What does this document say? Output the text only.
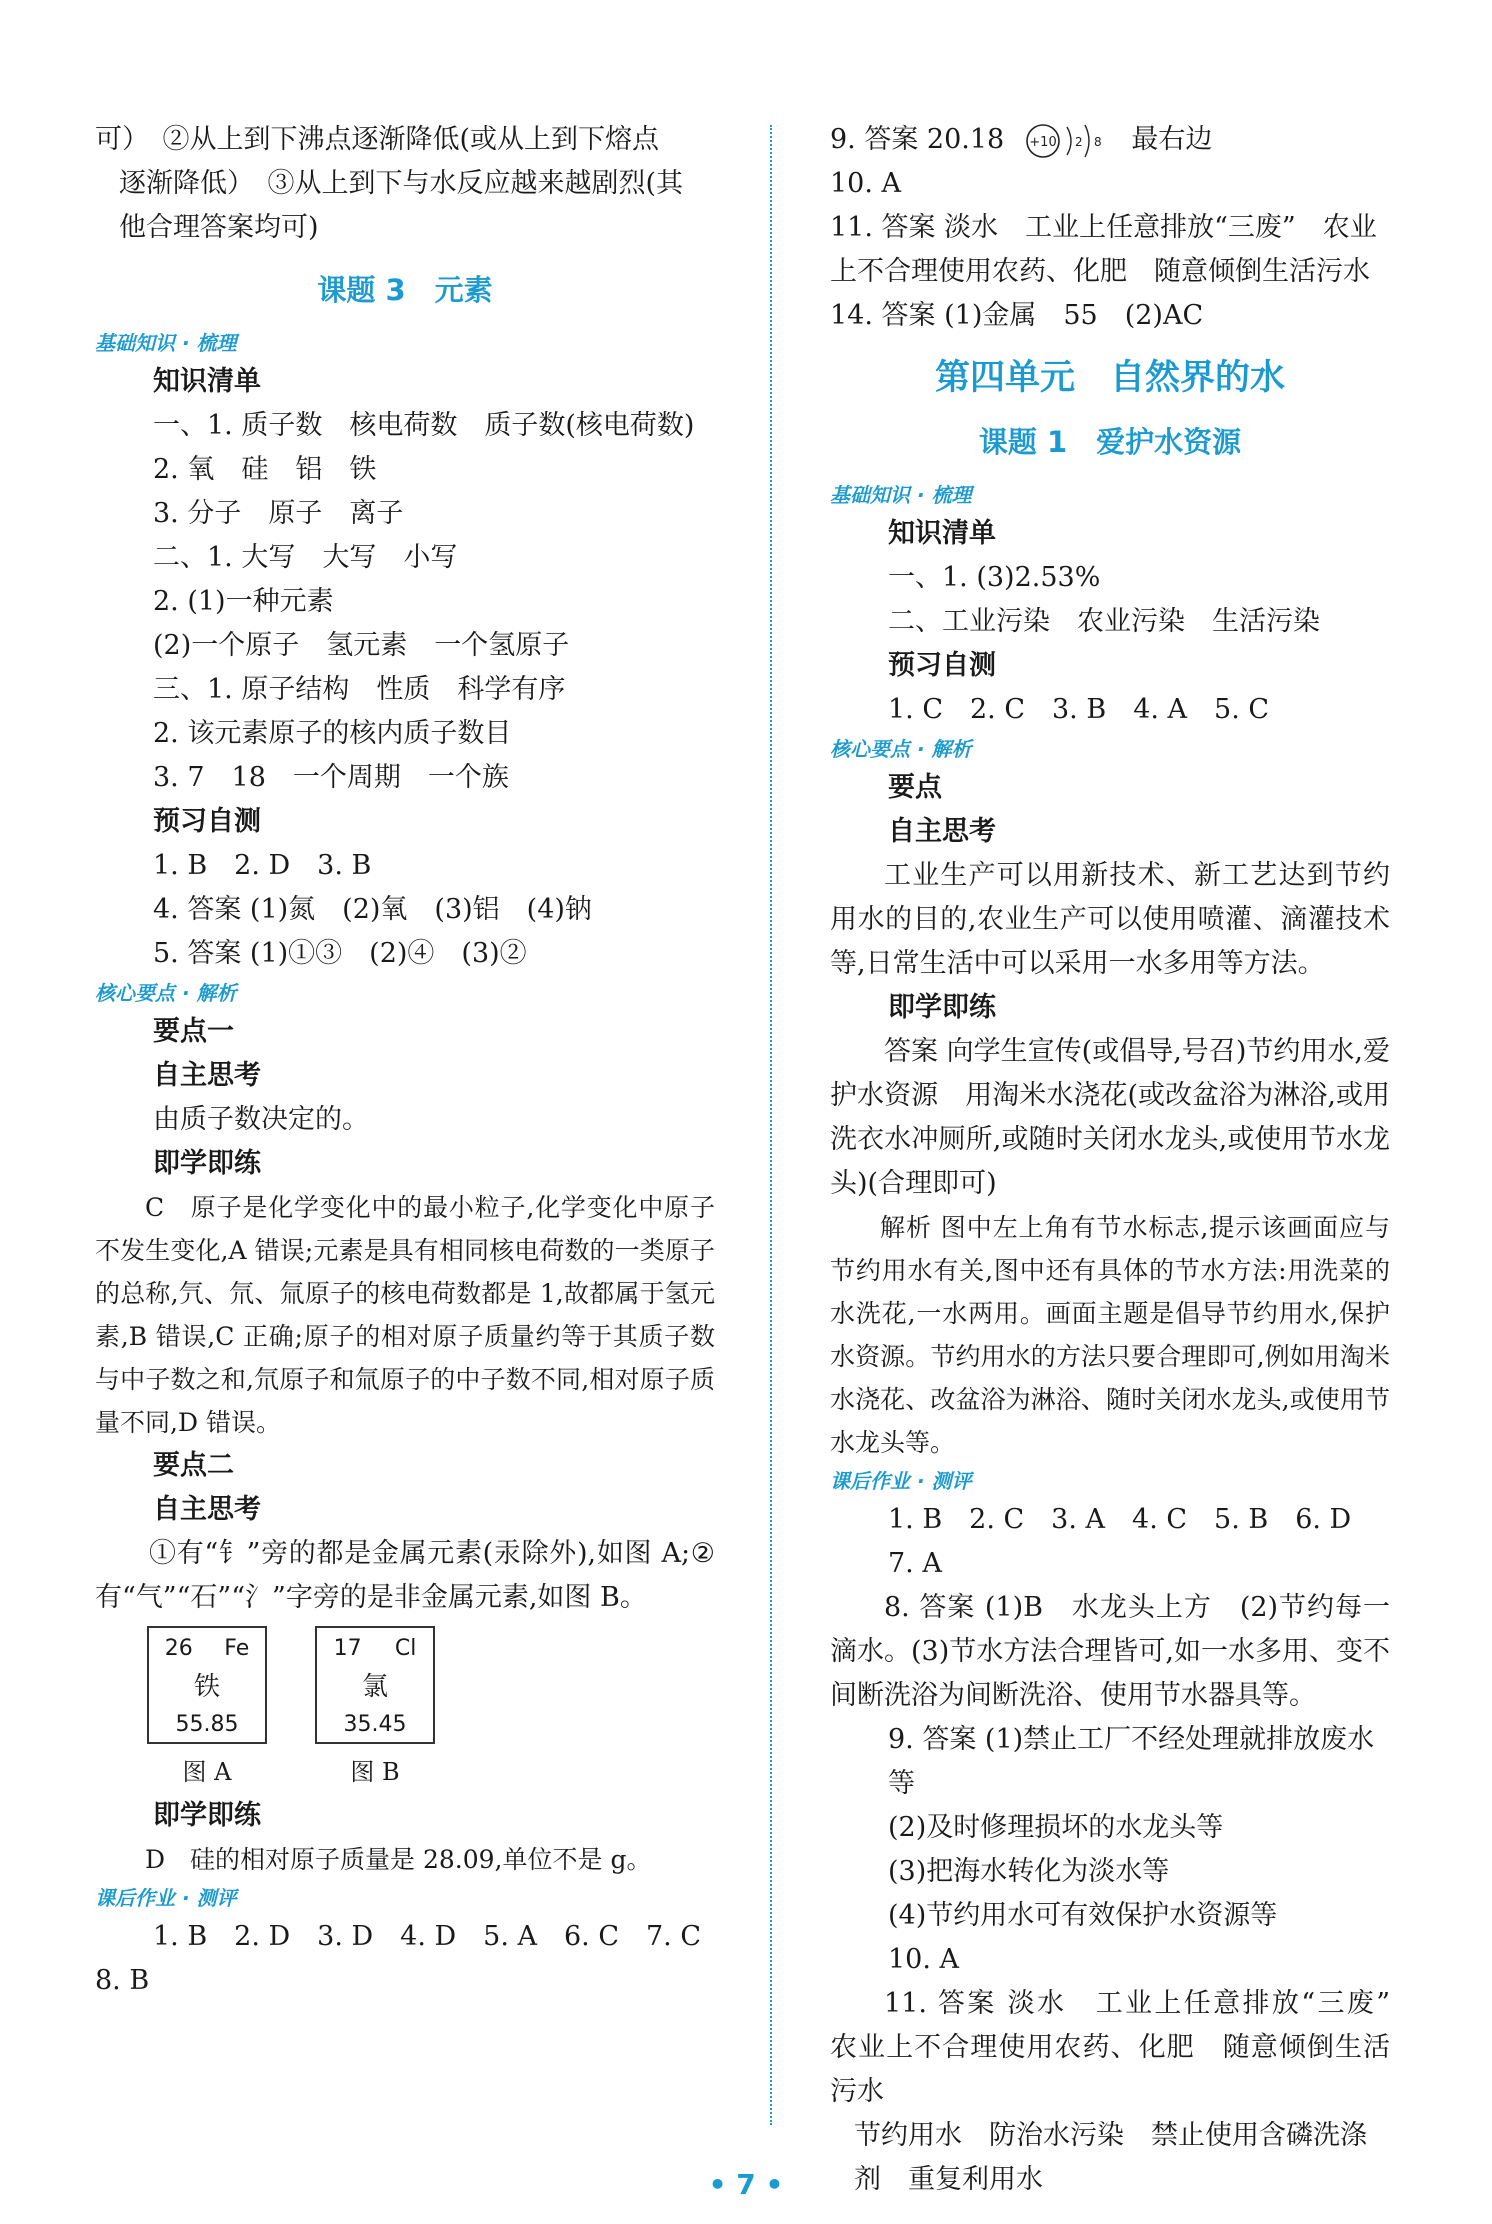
可）　②从上到下沸点逐渐降低(或从上到下熔点
逐渐降低）　③从上到下与水反应越来越剧烈(其
他合理答案均可)
课题 3　元素
基础知识 · 梳理
知识清单
一、1. 质子数　核电荷数　质子数(核电荷数)
2. 氧　硅　铝　铁
3. 分子　原子　离子
二、1. 大写　大写　小写
2. (1)一种元素
(2)一个原子　氢元素　一个氢原子
三、1. 原子结构　性质　科学有序
2. 该元素原子的核内质子数目
3. 7　18　一个周期　一个族
预习自测
1. B　2. D　3. B
4. 答案 (1)氮　(2)氧　(3)铝　(4)钠
5. 答案 (1)①③　(2)④　(3)②
核心要点 · 解析
要点一
自主思考
由质子数决定的。
即学即练
C　原子是化学变化中的最小粒子,化学变化中原子不发生变化,A 错误;元素是具有相同核电荷数的一类原子的总称,氕、氘、氚原子的核电荷数都是 1,故都属于氢元素,B 错误,C 正确;原子的相对原子质量约等于其质子数与中子数之和,氘原子和氚原子的中子数不同,相对原子质量不同,D 错误。
要点二
自主思考
①有“钅”旁的都是金属元素(汞除外),如图 A;②有“气”“石”“氵”字旁的是非金属元素,如图 B。
26 Fe
铁
55.85
图 A
17 Cl
氯
35.45
图 B
即学即练
D　硅的相对原子质量是 28.09,单位不是 g。
课后作业 · 测评
1. B　2. D　3. D　4. D　5. A　6. C　7. C
8. B
9. 答案 20.18 +10 2 8 最右边
10. A
11. 答案 淡水　工业上任意排放“三废”　农业上不合理使用农药、化肥　随意倾倒生活污水
14. 答案 (1)金属　55　(2)AC
第四单元　自然界的水
课题 1　爱护水资源
基础知识 · 梳理
知识清单
一、1. (3)2.53%
二、工业污染　农业污染　生活污染
预习自测
1. C　2. C　3. B　4. A　5. C
核心要点 · 解析
要点
自主思考
工业生产可以用新技术、新工艺达到节约用水的目的,农业生产可以使用喷灌、滴灌技术等,日常生活中可以采用一水多用等方法。
即学即练
答案 向学生宣传(或倡导,号召)节约用水,爱护水资源　用淘米水浇花(或改盆浴为淋浴,或用洗衣水冲厕所,或随时关闭水龙头,或使用节水龙头)(合理即可)
解析 图中左上角有节水标志,提示该画面应与节约用水有关,图中还有具体的节水方法:用洗菜的水洗花,一水两用。画面主题是倡导节约用水,保护水资源。节约用水的方法只要合理即可,例如用淘米水浇花、改盆浴为淋浴、随时关闭水龙头,或使用节水龙头等。
课后作业 · 测评
1. B　2. C　3. A　4. C　5. B　6. D　7. A
8. 答案 (1)B　水龙头上方　(2)节约每一滴水。(3)节水方法合理皆可,如一水多用、变不间断洗浴为间断洗浴、使用节水器具等。
9. 答案 (1)禁止工厂不经处理就排放废水等
(2)及时修理损坏的水龙头等
(3)把海水转化为淡水等
(4)节约用水可有效保护水资源等
10. A
11. 答案 淡水　工业上任意排放“三废”　农业上不合理使用农药、化肥　随意倾倒生活污水
节约用水　防治水污染　禁止使用含磷洗涤剂　重复利用水
• 7 •
